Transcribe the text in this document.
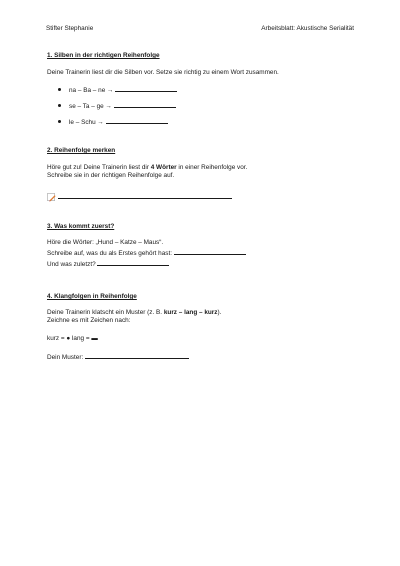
Stifter Stephanie	Arbeitsblatt: Akustische Serialität

1. Silben in der richtigen Reihenfolge

Deine Trainerin liest dir die Silben vor. Setze sie richtig zu einem Wort zusammen.

na – Ba – ne →
se – Ta – ge →
le – Schu →

2. Reihenfolge merken

Höre gut zu! Deine Trainerin liest dir 4 Wörter in einer Reihenfolge vor.

Schreibe sie in der richtigen Reihenfolge auf.

3. Was kommt zuerst?

Höre die Wörter: „Hund – Katze – Maus“.

Schreibe auf, was du als Erstes gehört hast:

Und was zuletzt?

4. Klangfolgen in Reihenfolge

Deine Trainerin klatscht ein Muster (z. B. kurz – lang – kurz).

Zeichne es mit Zeichen nach:

kurz = ● lang = ▬

Dein Muster:
